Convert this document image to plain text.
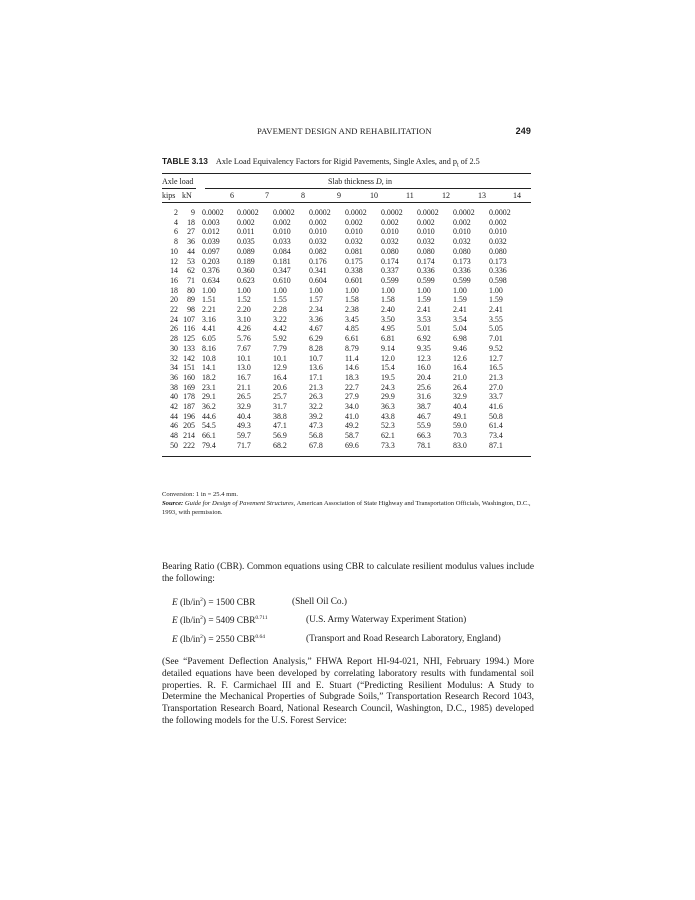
PAVEMENT DESIGN AND REHABILITATION	249
TABLE 3.13 Axle Load Equivalency Factors for Rigid Pavements, Single Axles, and $p_t$ of 2.5
Axle load	Slab thickness D, in
kips kN	6	7	8	9	10	11	12	13	14
2	9	0.0002	0.0002	0.0002	0.0002	0.0002	0.0002	0.0002	0.0002	0.0002
4	18	0.003	0.002	0.002	0.002	0.002	0.002	0.002	0.002	0.002
6	27	0.012	0.011	0.010	0.010	0.010	0.010	0.010	0.010	0.010
8	36	0.039	0.035	0.033	0.032	0.032	0.032	0.032	0.032	0.032
10	44	0.097	0.089	0.084	0.082	0.081	0.080	0.080	0.080	0.080
12	53	0.203	0.189	0.181	0.176	0.175	0.174	0.174	0.173	0.173
14	62	0.376	0.360	0.347	0.341	0.338	0.337	0.336	0.336	0.336
16	71	0.634	0.623	0.610	0.604	0.601	0.599	0.599	0.599	0.598
18	80	1.00	1.00	1.00	1.00	1.00	1.00	1.00	1.00	1.00
20	89	1.51	1.52	1.55	1.57	1.58	1.58	1.59	1.59	1.59
22	98	2.21	2.20	2.28	2.34	2.38	2.40	2.41	2.41	2.41
24	107	3.16	3.10	3.22	3.36	3.45	3.50	3.53	3.54	3.55
26	116	4.41	4.26	4.42	4.67	4.85	4.95	5.01	5.04	5.05
28	125	6.05	5.76	5.92	6.29	6.61	6.81	6.92	6.98	7.01
30	133	8.16	7.67	7.79	8.28	8.79	9.14	9.35	9.46	9.52
32	142	10.8	10.1	10.1	10.7	11.4	12.0	12.3	12.6	12.7
34	151	14.1	13.0	12.9	13.6	14.6	15.4	16.0	16.4	16.5
36	160	18.2	16.7	16.4	17.1	18.3	19.5	20.4	21.0	21.3
38	169	23.1	21.1	20.6	21.3	22.7	24.3	25.6	26.4	27.0
40	178	29.1	26.5	25.7	26.3	27.9	29.9	31.6	32.9	33.7
42	187	36.2	32.9	31.7	32.2	34.0	36.3	38.7	40.4	41.6
44	196	44.6	40.4	38.8	39.2	41.0	43.8	46.7	49.1	50.8
46	205	54.5	49.3	47.1	47.3	49.2	52.3	55.9	59.0	61.4
48	214	66.1	59.7	56.9	56.8	58.7	62.1	66.3	70.3	73.4
50	222	79.4	71.7	68.2	67.8	69.6	73.3	78.1	83.0	87.1
Conversion: 1 in = 25.4 mm.
Source: Guide for Design of Pavement Structures, American Association of State Highway and Transportation Officials, Washington, D.C., 1993, with permission.
Bearing Ratio (CBR). Common equations using CBR to calculate resilient modulus values include the following:
E $(lb/in^2) = 1500$ CBR	(Shell Oil Co.)
E $(lb/in^2) = 5409$ $CBR^{0.711}$	(U.S. Army Waterway Experiment Station)
E $(lb/in^2) = 2550$ $CBR^{0.64}$	(Transport and Road Research Laboratory, England)
(See “Pavement Deflection Analysis,” FHWA Report HI-94-021, NHI, February 1994.) More detailed equations have been developed by correlating laboratory results with fundamental soil properties. R. F. Carmichael III and E. Stuart (“Predicting Resilient Modulus: A Study to Determine the Mechanical Properties of Subgrade Soils,” Transportation Research Record 1043, Transportation Research Board, National Research Council, Washington, D.C., 1985) developed the following models for the U.S. Forest Service:
